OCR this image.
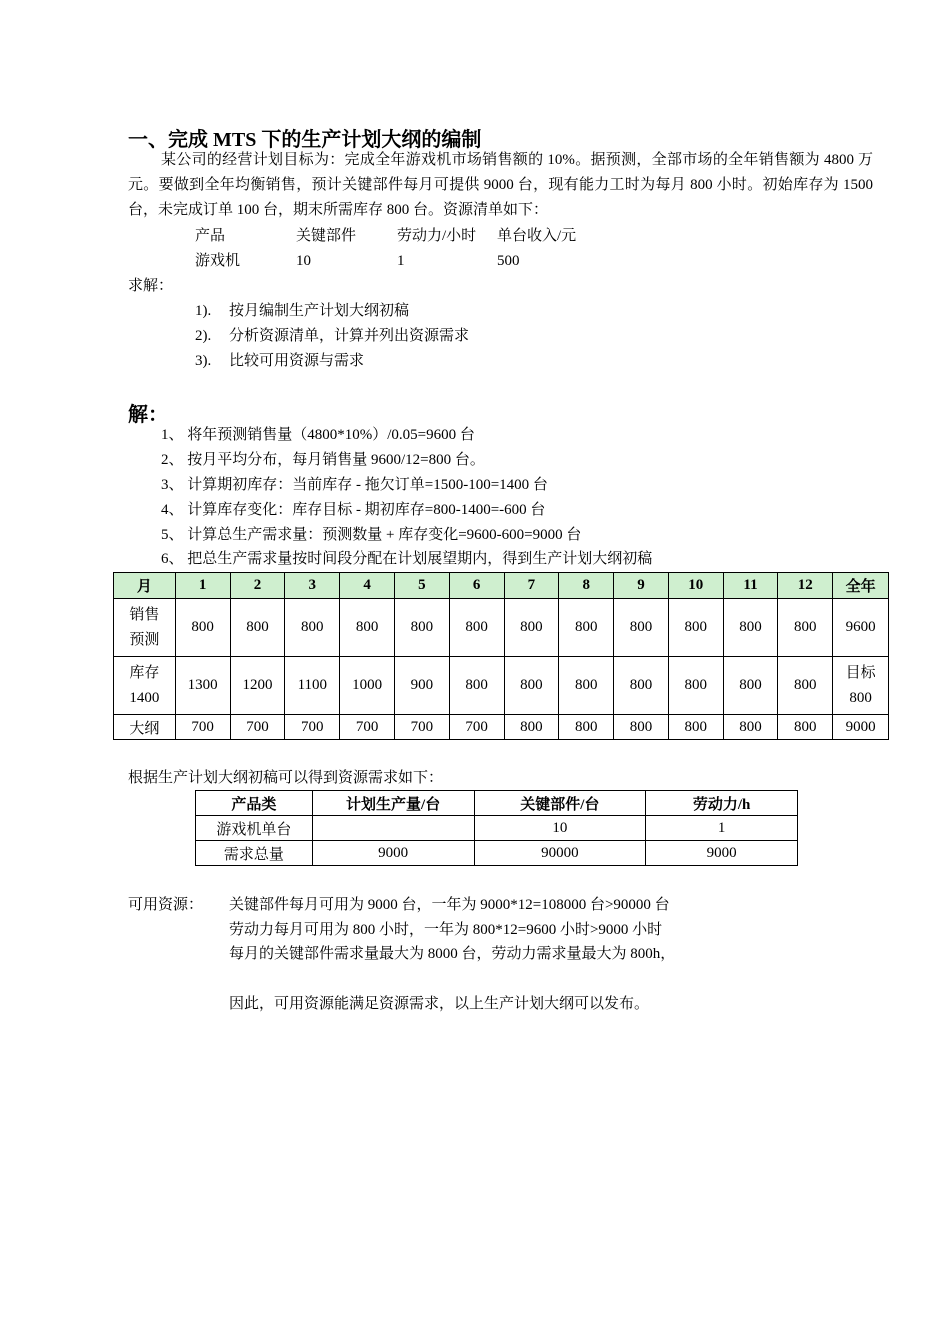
一、完成 MTS 下的生产计划大纲的编制
某公司的经营计划目标为：完成全年游戏机市场销售额的 10%。据预测，全部市场的全年销售额为 4800 万元。要做到全年均衡销售，预计关键部件每月可提供 9000 台，现有能力工时为每月 800 小时。初始库存为 1500 台，未完成订单 100 台，期末所需库存 800 台。资源清单如下：
产品	关键部件	劳动力/小时 单台收入/元
游戏机	10	1	500
求解：
1). 按月编制生产计划大纲初稿
2). 分析资源清单，计算并列出资源需求
3). 比较可用资源与需求
解：
1、 将年预测销售量（4800*10%）/0.05=9600 台
2、 按月平均分布，每月销售量 9600/12=800 台。
3、 计算期初库存：当前库存 - 拖欠订单=1500-100=1400 台
4、 计算库存变化：库存目标 - 期初库存=800-1400=-600 台
5、 计算总生产需求量：预测数量 + 库存变化=9600-600=9000 台
6、 把总生产需求量按时间段分配在计划展望期内，得到生产计划大纲初稿
月	1	2	3	4	5	6	7	8	9	10	11	12	全年
销售
预测	800	800	800	800	800	800	800	800	800	800	800	800	9600
库存
1400	1300	1200	1100	1000	900	800	800	800	800	800	800	800	目标
800
大纲	700	700	700	700	700	700	800	800	800	800	800	800	9000
根据生产计划大纲初稿可以得到资源需求如下：
产品类	计划生产量/台	关键部件/台	劳动力/h
游戏机单台		10	1
需求总量	9000	90000	9000
可用资源： 关键部件每月可用为 9000 台，一年为 9000*12=108000 台>90000 台
劳动力每月可用为 800 小时，一年为 800*12=9600 小时>9000 小时
每月的关键部件需求量最大为 8000 台，劳动力需求量最大为 800h，
因此，可用资源能满足资源需求，以上生产计划大纲可以发布。
